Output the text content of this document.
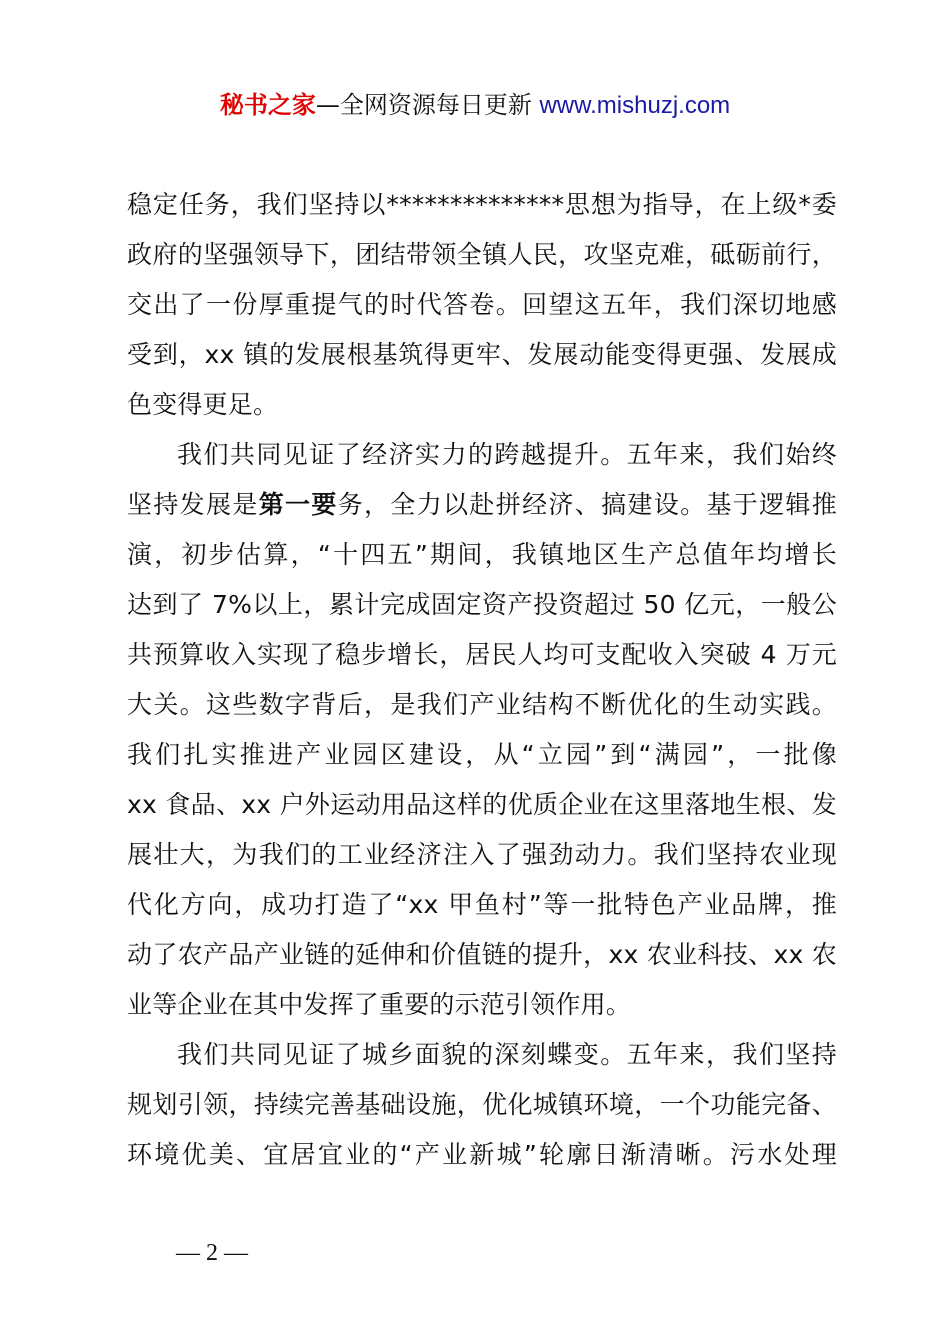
秘书之家—全网资源每日更新 www.mishuzj.com

稳定任务，我们坚持以**************思想为指导，在上级*委
政府的坚强领导下，团结带领全镇人民，攻坚克难，砥砺前行，
交出了一份厚重提气的时代答卷。回望这五年，我们深切地感
受到，xx 镇的发展根基筑得更牢、发展动能变得更强、发展成
色变得更足。

我们共同见证了经济实力的跨越提升。五年来，我们始终
坚持发展是第一要务，全力以赴拼经济、搞建设。基于逻辑推
演，初步估算，“十四五”期间，我镇地区生产总值年均增长
达到了 7%以上，累计完成固定资产投资超过 50 亿元，一般公
共预算收入实现了稳步增长，居民人均可支配收入突破 4 万元
大关。这些数字背后，是我们产业结构不断优化的生动实践。
我们扎实推进产业园区建设，从“立园”到“满园”，一批像
xx 食品、xx 户外运动用品这样的优质企业在这里落地生根、发
展壮大，为我们的工业经济注入了强劲动力。我们坚持农业现
代化方向，成功打造了“xx 甲鱼村”等一批特色产业品牌，推
动了农产品产业链的延伸和价值链的提升，xx 农业科技、xx 农
业等企业在其中发挥了重要的示范引领作用。

我们共同见证了城乡面貌的深刻蝶变。五年来，我们坚持
规划引领，持续完善基础设施，优化城镇环境，一个功能完备、
环境优美、宜居宜业的“产业新城”轮廓日渐清晰。污水处理

— 2 —
